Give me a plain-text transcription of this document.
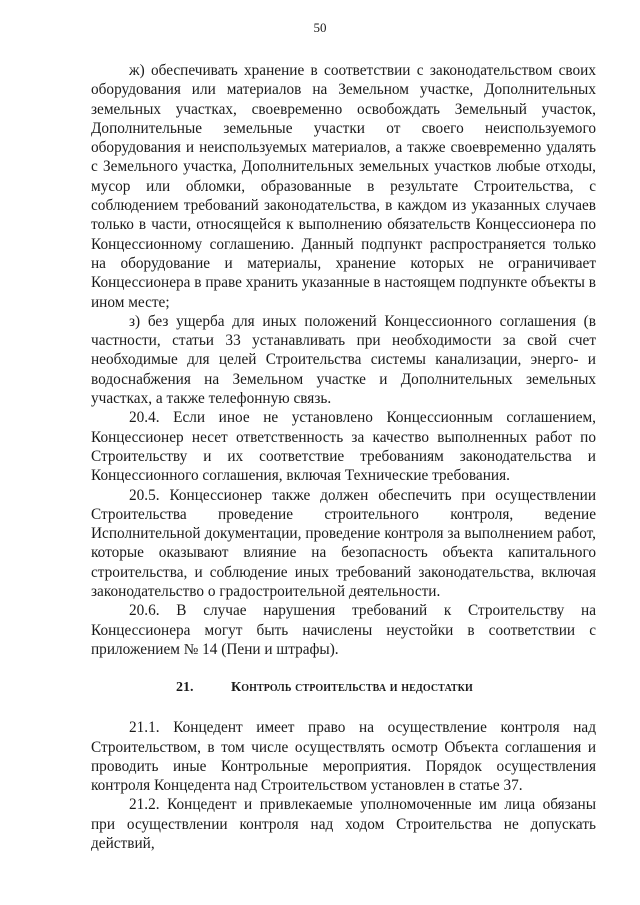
50

ж) обеспечивать хранение в соответствии с законодательством своих оборудования или материалов на Земельном участке, Дополнительных земельных участках, своевременно освобождать Земельный участок, Дополнительные земельные участки от своего неиспользуемого оборудования и неиспользуемых материалов, а также своевременно удалять с Земельного участка, Дополнительных земельных участков любые отходы, мусор или обломки, образованные в результате Строительства, с соблюдением требований законодательства, в каждом из указанных случаев только в части, относящейся к выполнению обязательств Концессионера по Концессионному соглашению. Данный подпункт распространяется только на оборудование и материалы, хранение которых не ограничивает Концессионера в праве хранить указанные в настоящем подпункте объекты в ином месте;

з) без ущерба для иных положений Концессионного соглашения (в частности, статьи 33 устанавливать при необходимости за свой счет необходимые для целей Строительства системы канализации, энерго- и водоснабжения на Земельном участке и Дополнительных земельных участках, а также телефонную связь.

20.4. Если иное не установлено Концессионным соглашением, Концессионер несет ответственность за качество выполненных работ по Строительству и их соответствие требованиям законодательства и Концессионного соглашения, включая Технические требования.

20.5. Концессионер также должен обеспечить при осуществлении Строительства проведение строительного контроля, ведение Исполнительной документации, проведение контроля за выполнением работ, которые оказывают влияние на безопасность объекта капитального строительства, и соблюдение иных требований законодательства, включая законодательство о градостроительной деятельности.

20.6. В случае нарушения требований к Строительству на Концессионера могут быть начислены неустойки в соответствии с приложением № 14 (Пени и штрафы).

21.	Контроль строительства и недостатки

21.1. Концедент имеет право на осуществление контроля над Строительством, в том числе осуществлять осмотр Объекта соглашения и проводить иные Контрольные мероприятия. Порядок осуществления контроля Концедента над Строительством установлен в статье 37.

21.2. Концедент и привлекаемые уполномоченные им лица обязаны при осуществлении контроля над ходом Строительства не допускать действий,
